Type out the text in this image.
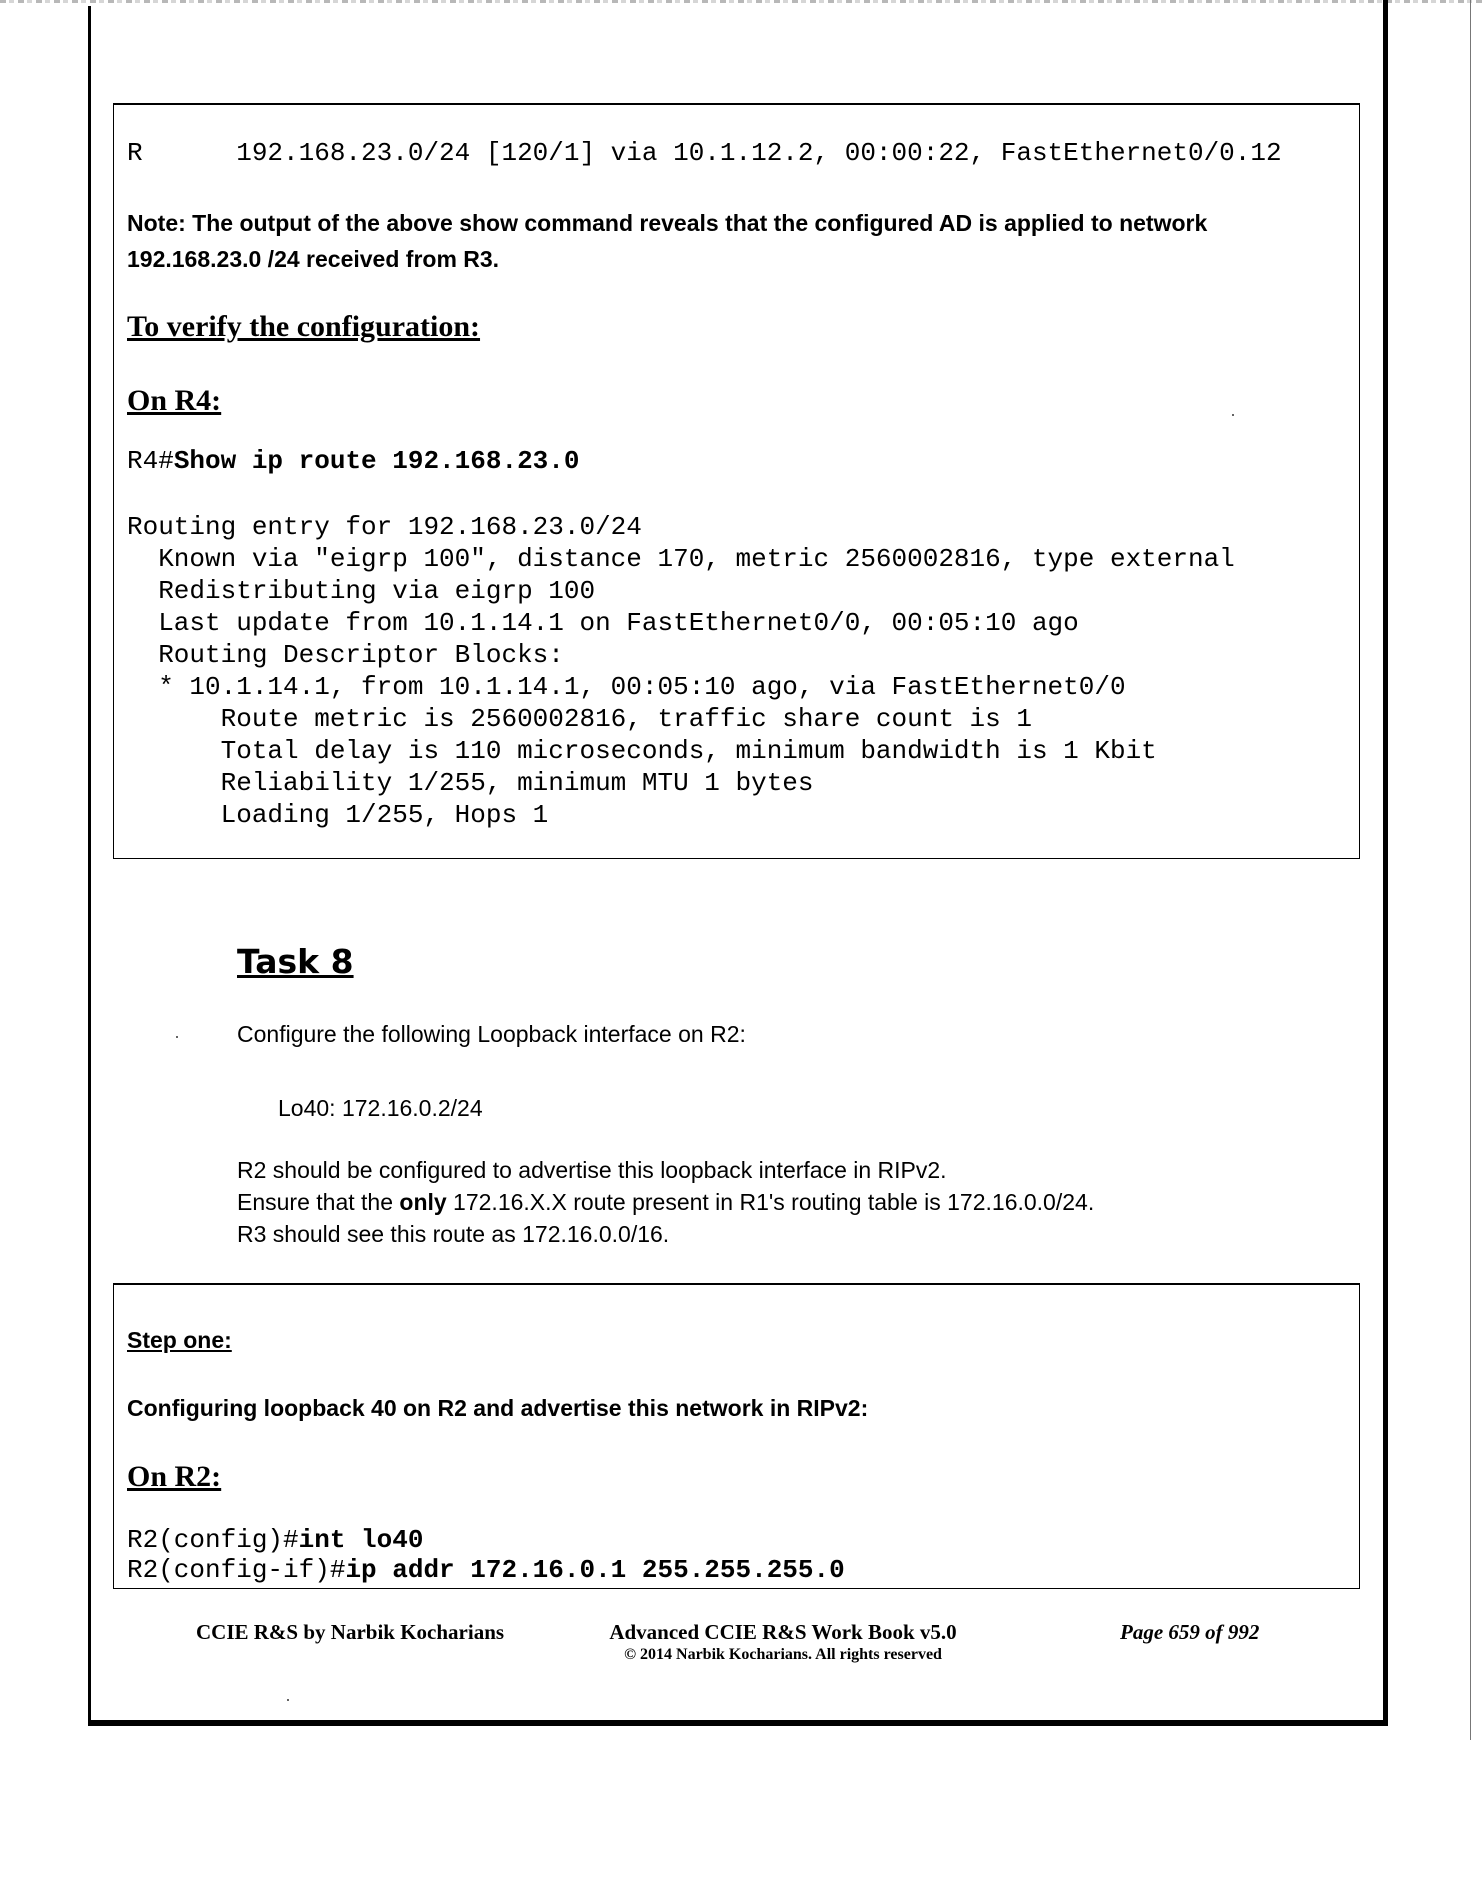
R      192.168.23.0/24 [120/1] via 10.1.12.2, 00:00:22, FastEthernet0/0.12
Note: The output of the above show command reveals that the configured AD is applied to network
192.168.23.0 /24 received from R3.
To verify the configuration:
On R4:
R4#Show ip route 192.168.23.0
Routing entry for 192.168.23.0/24
Known via "eigrp 100", distance 170, metric 2560002816, type external
Redistributing via eigrp 100
Last update from 10.1.14.1 on FastEthernet0/0, 00:05:10 ago
Routing Descriptor Blocks:
* 10.1.14.1, from 10.1.14.1, 00:05:10 ago, via FastEthernet0/0
Route metric is 2560002816, traffic share count is 1
Total delay is 110 microseconds, minimum bandwidth is 1 Kbit
Reliability 1/255, minimum MTU 1 bytes
Loading 1/255, Hops 1
Task 8
Configure the following Loopback interface on R2:
Lo40: 172.16.0.2/24
R2 should be configured to advertise this loopback interface in RIPv2.
Ensure that the only 172.16.X.X route present in R1's routing table is 172.16.0.0/24.
R3 should see this route as 172.16.0.0/16.
Step one:
Configuring loopback 40 on R2 and advertise this network in RIPv2:
On R2:
R2(config)#int lo40
R2(config-if)#ip addr 172.16.0.1 255.255.255.0
CCIE R&S by Narbik Kocharians	Advanced CCIE R&S Work Book v5.0
© 2014 Narbik Kocharians. All rights reserved
Page 659 of 992
